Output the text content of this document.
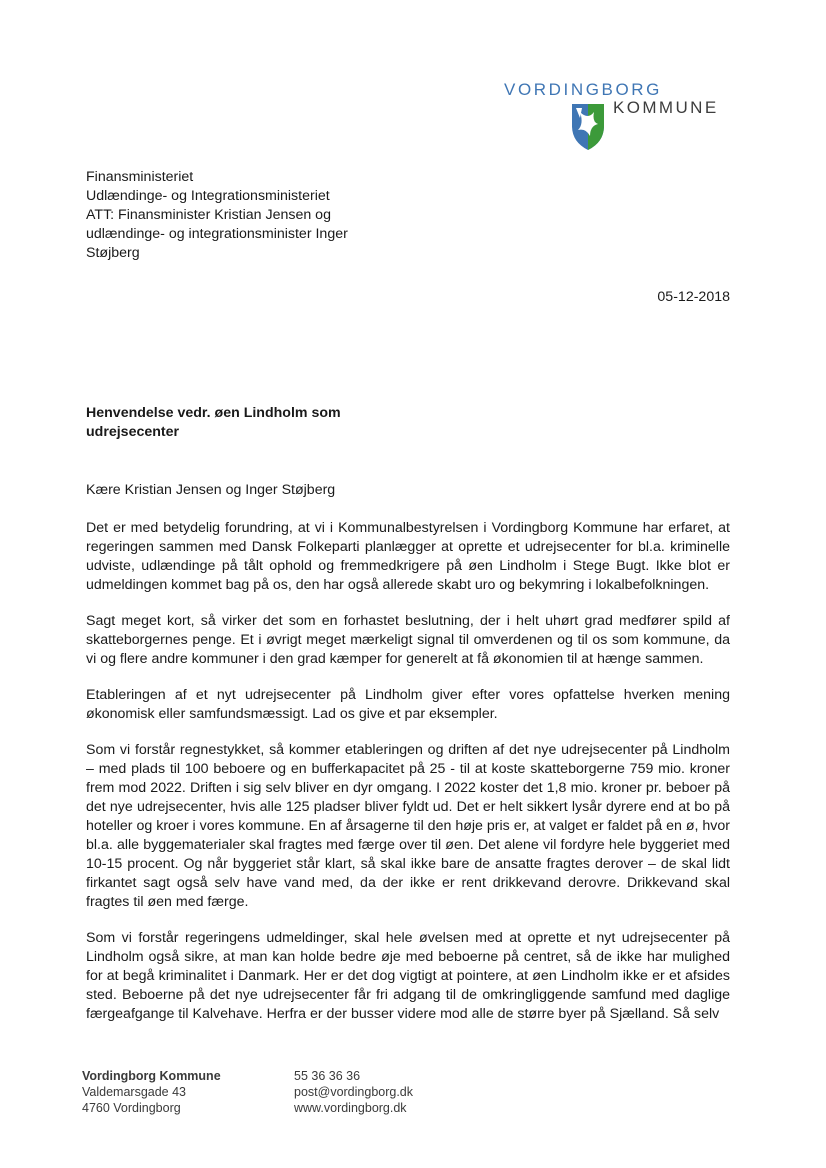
VORDINGBORG
KOMMUNE
Finansministeriet
Udlændinge- og Integrationsministeriet
ATT: Finansminister Kristian Jensen og
udlændinge- og integrationsminister Inger
Støjberg
05-12-2018
Henvendelse vedr. øen Lindholm som udrejsecenter
Kære Kristian Jensen og Inger Støjberg

Det er med betydelig forundring, at vi i Kommunalbestyrelsen i Vordingborg Kommune har erfaret, at regeringen sammen med Dansk Folkeparti planlægger at oprette et udrejsecenter for bl.a. kriminelle udviste, udlændinge på tålt ophold og fremmedkrigere på øen Lindholm i Stege Bugt. Ikke blot er udmeldingen kommet bag på os, den har også allerede skabt uro og bekymring i lokalbefolkningen.

Sagt meget kort, så virker det som en forhastet beslutning, der i helt uhørt grad medfører spild af skatteborgernes penge. Et i øvrigt meget mærkeligt signal til omverdenen og til os som kommune, da vi og flere andre kommuner i den grad kæmper for generelt at få økonomien til at hænge sammen.

Etableringen af et nyt udrejsecenter på Lindholm giver efter vores opfattelse hverken mening økonomisk eller samfundsmæssigt. Lad os give et par eksempler.

Som vi forstår regnestykket, så kommer etableringen og driften af det nye udrejsecenter på Lindholm – med plads til 100 beboere og en bufferkapacitet på 25 - til at koste skatteborgerne 759 mio. kroner frem mod 2022. Driften i sig selv bliver en dyr omgang. I 2022 koster det 1,8 mio. kroner pr. beboer på det nye udrejsecenter, hvis alle 125 pladser bliver fyldt ud. Det er helt sikkert lysår dyrere end at bo på hoteller og kroer i vores kommune. En af årsagerne til den høje pris er, at valget er faldet på en ø, hvor bl.a. alle byggematerialer skal fragtes med færge over til øen. Det alene vil fordyre hele byggeriet med 10-15 procent. Og når byggeriet står klart, så skal ikke bare de ansatte fragtes derover – de skal lidt firkantet sagt også selv have vand med, da der ikke er rent drikkevand derovre. Drikkevand skal fragtes til øen med færge.

Som vi forstår regeringens udmeldinger, skal hele øvelsen med at oprette et nyt udrejsecenter på Lindholm også sikre, at man kan holde bedre øje med beboerne på centret, så de ikke har mulighed for at begå kriminalitet i Danmark. Her er det dog vigtigt at pointere, at øen Lindholm ikke er et afsides sted. Beboerne på det nye udrejsecenter får fri adgang til de omkringliggende samfund med daglige færgeafgange til Kalvehave. Herfra er der busser videre mod alle de større byer på Sjælland. Så selv

Vordingborg Kommune
Valdemarsgade 43
4760 Vordingborg
55 36 36 36
post@vordingborg.dk
www.vordingborg.dk
